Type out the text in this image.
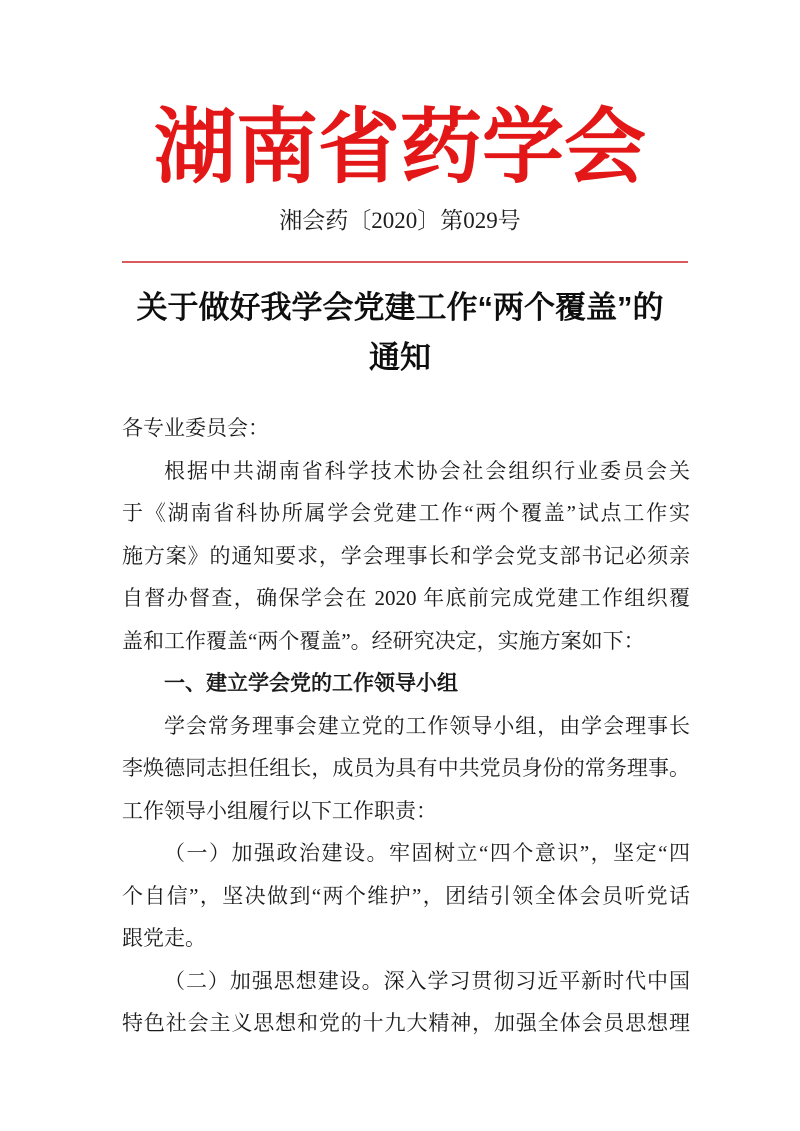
湖南省药学会
湘会药〔2020〕第029号
关于做好我学会党建工作“两个覆盖”的
通知
各专业委员会：
根据中共湖南省科学技术协会社会组织行业委员会关
于《湖南省科协所属学会党建工作“两个覆盖”试点工作实
施方案》的通知要求，学会理事长和学会党支部书记必须亲
自督办督查，确保学会在 2020 年底前完成党建工作组织覆
盖和工作覆盖“两个覆盖”。经研究决定，实施方案如下：
一、建立学会党的工作领导小组
学会常务理事会建立党的工作领导小组，由学会理事长
李焕德同志担任组长，成员为具有中共党员身份的常务理事。
工作领导小组履行以下工作职责：
（一）加强政治建设。牢固树立“四个意识”，坚定“四
个自信”，坚决做到“两个维护”，团结引领全体会员听党话
跟党走。
（二）加强思想建设。深入学习贯彻习近平新时代中国
特色社会主义思想和党的十九大精神，加强全体会员思想理
